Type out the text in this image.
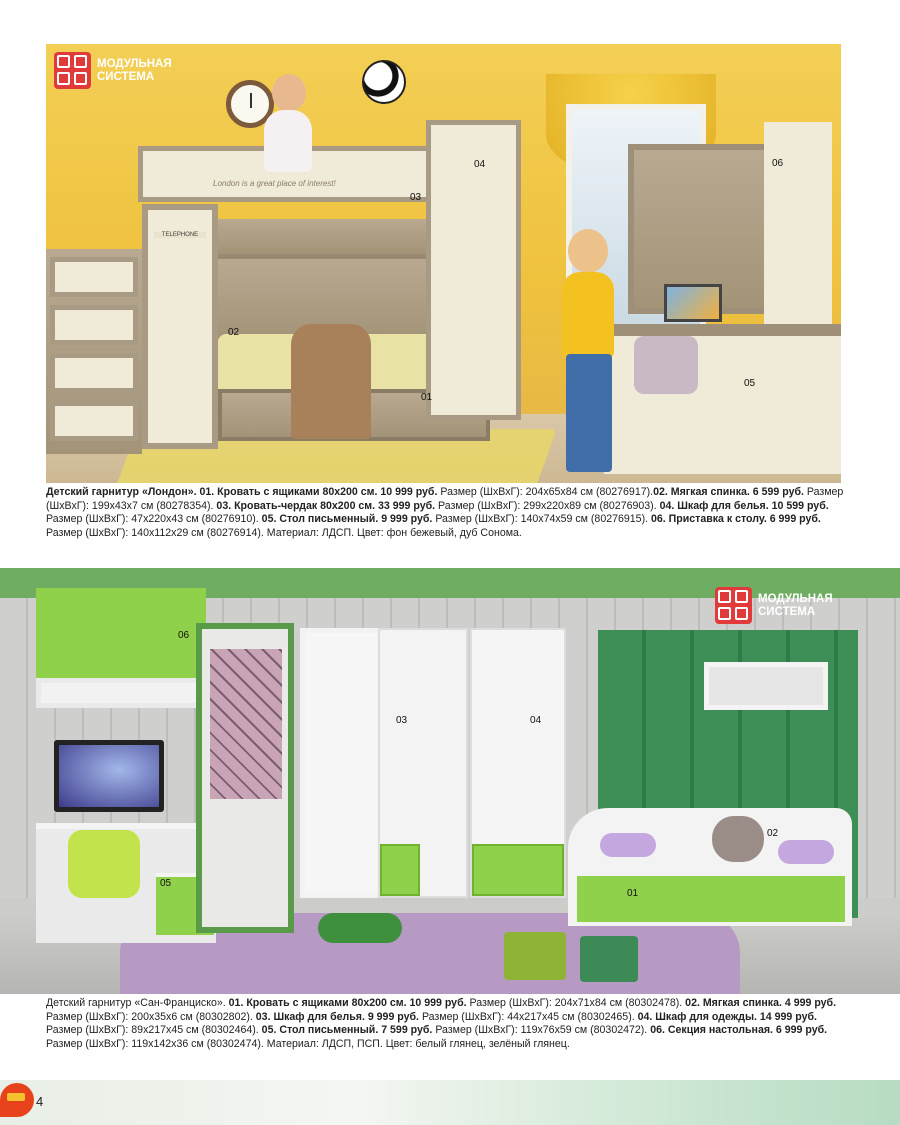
TELEPHONE
London is a great place of interest!
01
02
03
04
05
06
МОДУЛЬНАЯ
СИСТЕМА
Детский гарнитур «Лондон». 01. Кровать с ящиками 80х200 см. 10 999 руб. Размер (ШхВхГ): 204х65х84 см (80276917).02. Мягкая спинка. 6 599 руб. Размер (ШхВхГ): 199х43х7 см (80278354). 03. Кровать-чердак 80х200 см. 33 999 руб. Размер (ШхВхГ): 299х220х89 см (80276903). 04. Шкаф для белья. 10 599 руб. Размер (ШхВхГ): 47х220х43 см (80276910). 05. Стол письменный. 9 999 руб. Размер (ШхВхГ): 140х74х59 см (80276915). 06. Приставка к столу. 6 999 руб. Размер (ШхВхГ): 140х112х29 см (80276914). Материал: ЛДСП. Цвет: фон бежевый, дуб Сонома.
01
02
03	04
05
06
МОДУЛЬНАЯ
СИСТЕМА
Детский гарнитур «Сан-Франциско». 01. Кровать с ящиками 80х200 см. 10 999 руб. Размер (ШхВхГ): 204х71х84 см (80302478). 02. Мягкая спинка. 4 999 руб. Размер (ШхВхГ): 200х35х6 см (80302802). 03. Шкаф для белья. 9 999 руб. Размер (ШхВхГ): 44х217х45 см (80302465). 04. Шкаф для одежды. 14 999 руб. Размер (ШхВхГ): 89х217х45 см (80302464). 05. Стол письменный. 7 599 руб. Размер (ШхВхГ): 119х76х59 см (80302472). 06. Секция настольная. 6 999 руб. Размер (ШхВхГ): 119х142х36 см (80302474). Материал: ЛДСП, ПСП. Цвет: белый глянец, зелёный глянец.
4
